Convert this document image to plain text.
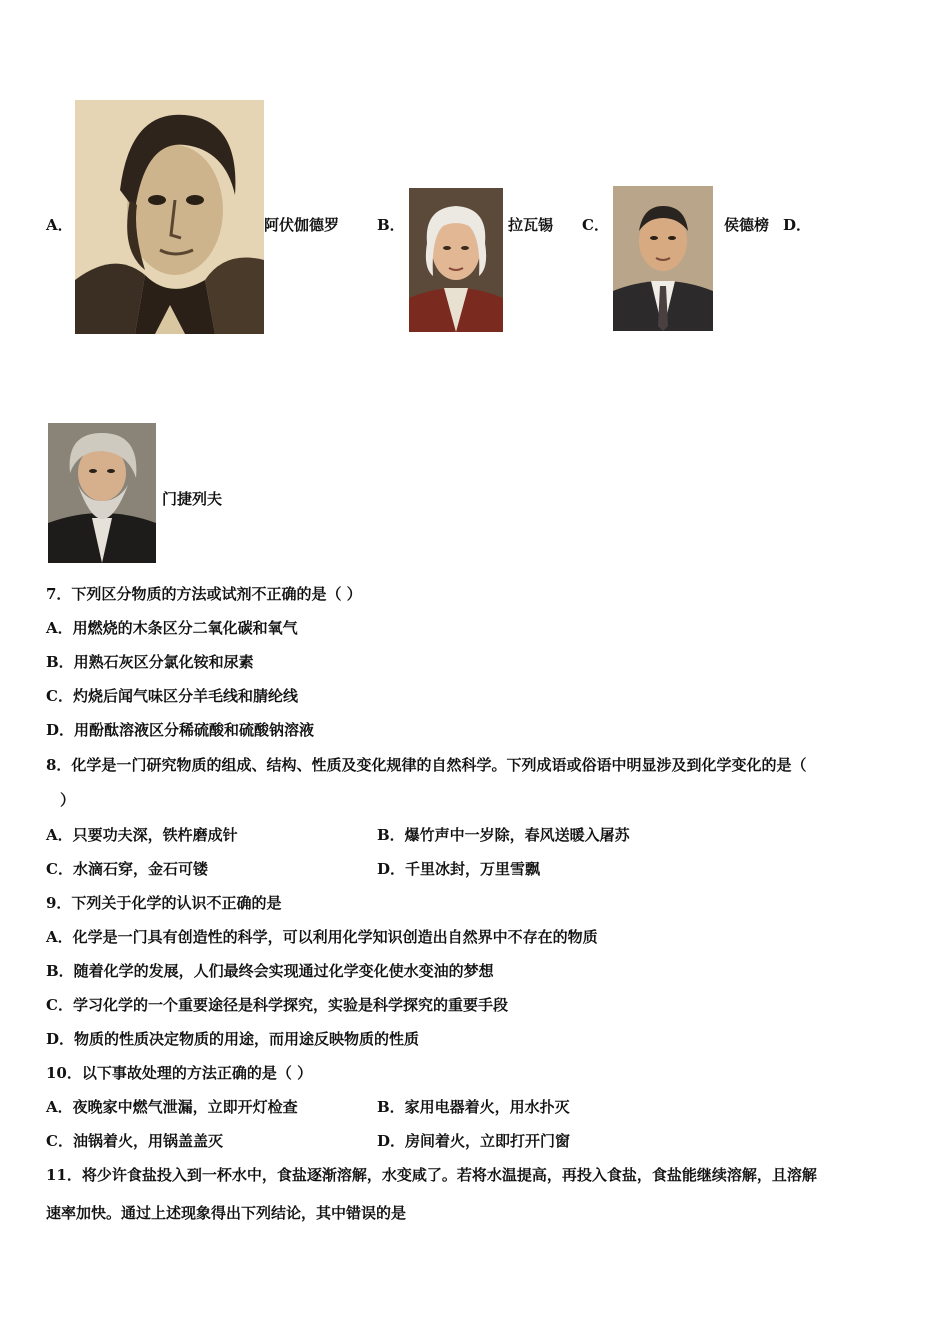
A．	阿伏伽德罗	B．	拉瓦锡 C．	侯德榜 D．
门捷列夫
7．下列区分物质的方法或试剂不正确的是（ ）
A．用燃烧的木条区分二氧化碳和氧气
B．用熟石灰区分氯化铵和尿素
C．灼烧后闻气味区分羊毛线和腈纶线
D．用酚酞溶液区分稀硫酸和硫酸钠溶液
8．化学是一门研究物质的组成、结构、性质及变化规律的自然科学。下列成语或俗语中明显涉及到化学变化的是（
）
A．只要功夫深，铁杵磨成针	B．爆竹声中一岁除，春风送暖入屠苏
C．水滴石穿，金石可镂	D．千里冰封，万里雪飘
9．下列关于化学的认识不正确的是
A．化学是一门具有创造性的科学，可以利用化学知识创造出自然界中不存在的物质
B．随着化学的发展，人们最终会实现通过化学变化使水变油的梦想
C．学习化学的一个重要途径是科学探究，实验是科学探究的重要手段
D．物质的性质决定物质的用途，而用途反映物质的性质
10．以下事故处理的方法正确的是（ ）
A．夜晚家中燃气泄漏，立即开灯检查	B．家用电器着火，用水扑灭
C．油锅着火，用锅盖盖灭	D．房间着火，立即打开门窗
11．将少许食盐投入到一杯水中，食盐逐渐溶解，水变咸了。若将水温提高，再投入食盐，食盐能继续溶解，且溶解
速率加快。通过上述现象得出下列结论，其中错误的是
